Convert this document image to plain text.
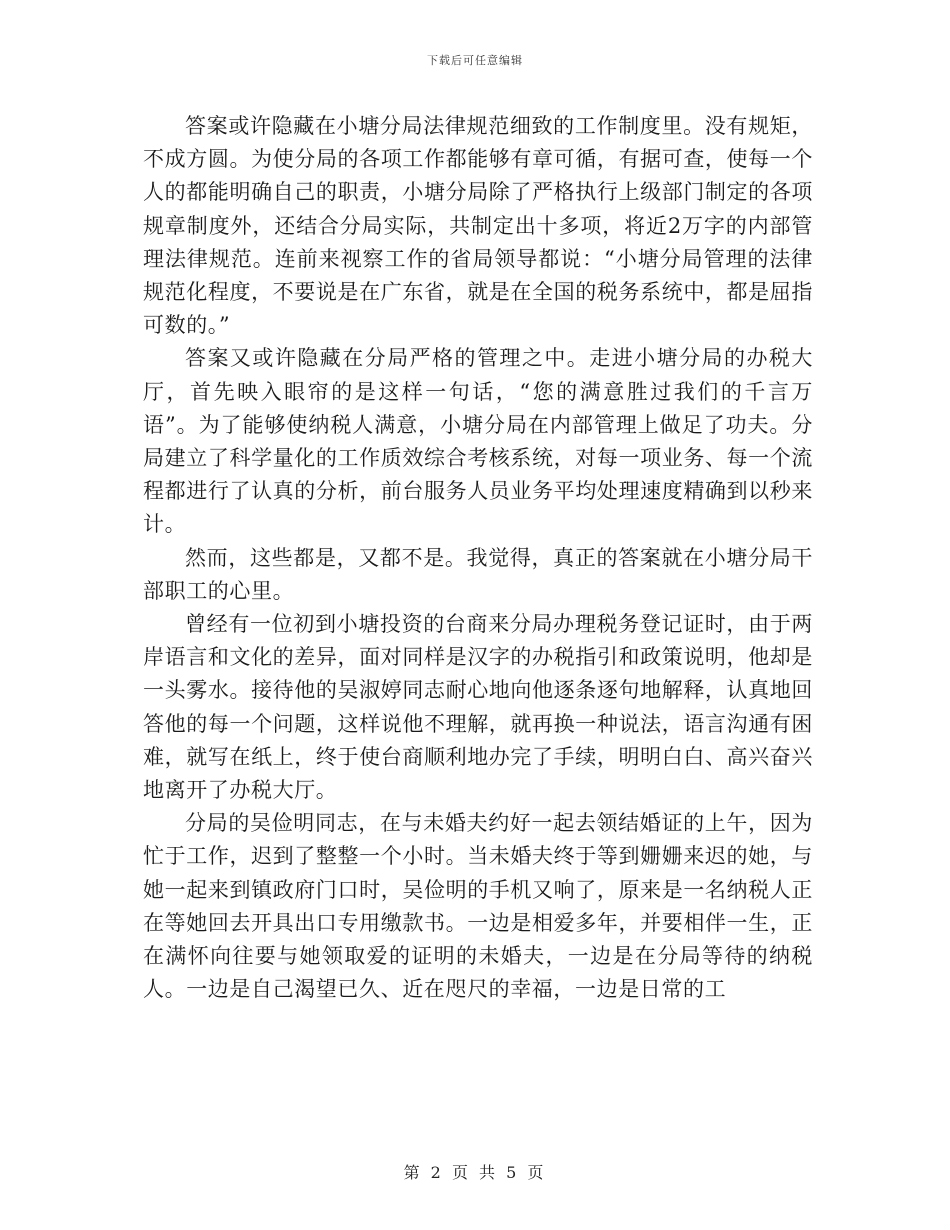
下载后可任意编辑

答案或许隐藏在小塘分局法律规范细致的工作制度里。没有规矩，不成方圆。为使分局的各项工作都能够有章可循，有据可查，使每一个人的都能明确自己的职责，小塘分局除了严格执行上级部门制定的各项规章制度外，还结合分局实际，共制定出十多项，将近2万字的内部管理法律规范。连前来视察工作的省局领导都说：“小塘分局管理的法律规范化程度，不要说是在广东省，就是在全国的税务系统中，都是屈指可数的。”

答案又或许隐藏在分局严格的管理之中。走进小塘分局的办税大厅，首先映入眼帘的是这样一句话，“您的满意胜过我们的千言万语”。为了能够使纳税人满意，小塘分局在内部管理上做足了功夫。分局建立了科学量化的工作质效综合考核系统，对每一项业务、每一个流程都进行了认真的分析，前台服务人员业务平均处理速度精确到以秒来计。

然而，这些都是，又都不是。我觉得，真正的答案就在小塘分局干部职工的心里。

曾经有一位初到小塘投资的台商来分局办理税务登记证时，由于两岸语言和文化的差异，面对同样是汉字的办税指引和政策说明，他却是一头雾水。接待他的吴淑婷同志耐心地向他逐条逐句地解释，认真地回答他的每一个问题，这样说他不理解，就再换一种说法，语言沟通有困难，就写在纸上，终于使台商顺利地办完了手续，明明白白、高兴奋兴地离开了办税大厅。

分局的吴俭明同志，在与未婚夫约好一起去领结婚证的上午，因为忙于工作，迟到了整整一个小时。当未婚夫终于等到姗姗来迟的她，与她一起来到镇政府门口时，吴俭明的手机又响了，原来是一名纳税人正在等她回去开具出口专用缴款书。一边是相爱多年，并要相伴一生，正在满怀向往要与她领取爱的证明的未婚夫，一边是在分局等待的纳税人。一边是自己渴望已久、近在咫尺的幸福，一边是日常的工

第 2 页 共 5 页
